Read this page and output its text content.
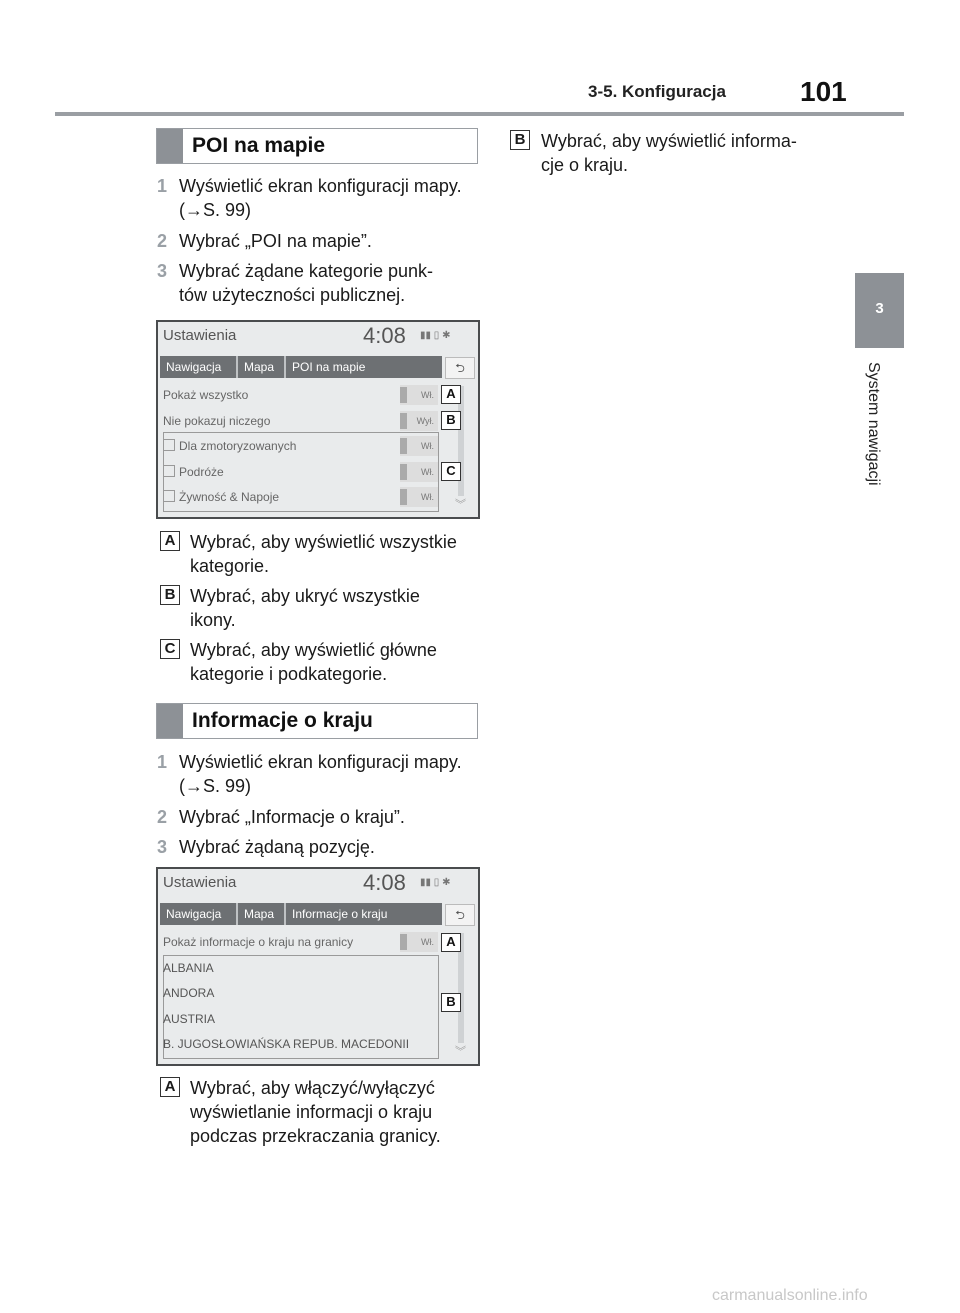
3-5. Konfiguracja	101
3
System nawigacji
POI na mapie
1 Wyświetlić ekran konfiguracji mapy.
(→S. 99)
2 Wybrać „POI na mapie”.
3 Wybrać żądane kategorie punk-
tów użyteczności publicznej.
Ustawienia	4:08 ▮▮ ▯ ✱
Nawigacja	Mapa	POI na mapie	⮌
Pokaż wszystko	Wł.
Nie pokazuj niczego	Wył.
Dla zmotoryzowanych	Wł.
Podróże	Wł.
Żywność & Napoje	Wł.
︾
A
B
C
A Wybrać, aby wyświetlić wszystkie
kategorie.
B Wybrać, aby ukryć wszystkie
ikony.
C Wybrać, aby wyświetlić główne
kategorie i podkategorie.
Informacje o kraju
1 Wyświetlić ekran konfiguracji mapy.
(→S. 99)
2 Wybrać „Informacje o kraju”.
3 Wybrać żądaną pozycję.
Ustawienia	4:08 ▮▮ ▯ ✱
Nawigacja	Mapa	Informacje o kraju	⮌
Pokaż informacje o kraju na granicy	Wł.
ALBANIA
ANDORA
AUSTRIA
B. JUGOSŁOWIAŃSKA REPUB. MACEDONII
︾
A
B
A Wybrać, aby włączyć/wyłączyć
wyświetlanie informacji o kraju
podczas przekraczania granicy.
B Wybrać, aby wyświetlić informa-
cje o kraju.
carmanualsonline.info
